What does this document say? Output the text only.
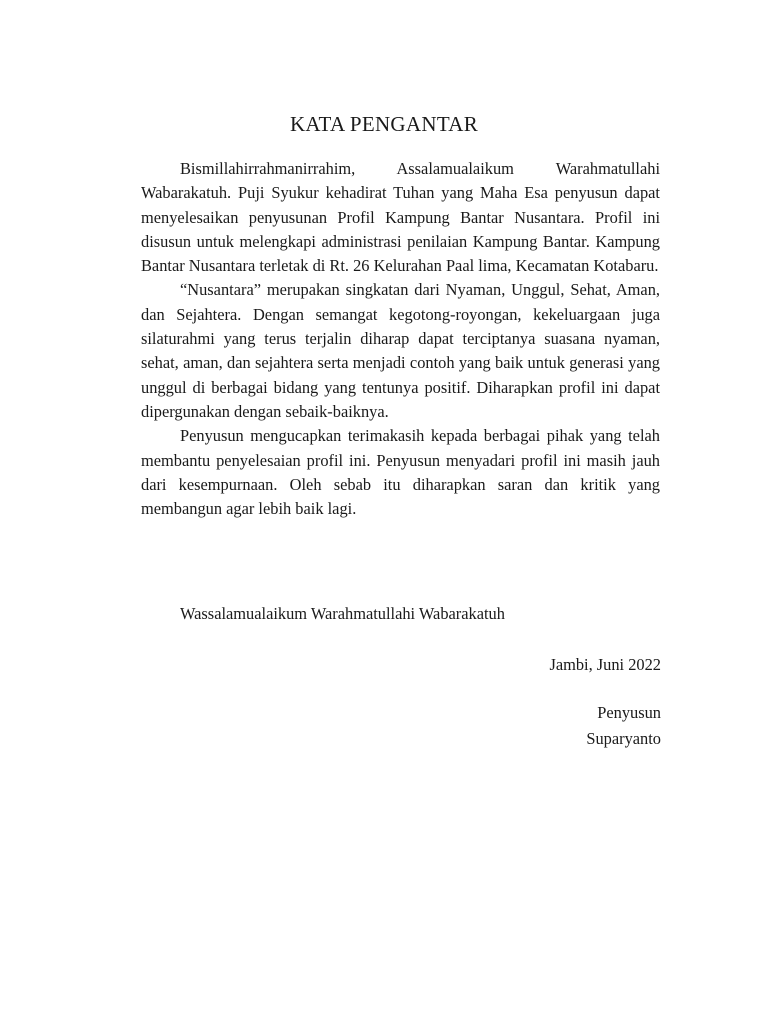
KATA PENGANTAR

Bismillahirrahmanirrahim, Assalamualaikum Warahmatullahi Wabarakatuh. Puji Syukur kehadirat Tuhan yang Maha Esa penyusun dapat menyelesaikan penyusunan Profil Kampung Bantar Nusantara. Profil ini disusun untuk melengkapi administrasi penilaian Kampung Bantar. Kampung Bantar Nusantara terletak di Rt. 26 Kelurahan Paal lima, Kecamatan Kotabaru.

“Nusantara” merupakan singkatan dari Nyaman, Unggul, Sehat, Aman, dan Sejahtera. Dengan semangat kegotong-royongan, kekeluargaan juga silaturahmi yang terus terjalin diharap dapat terciptanya suasana nyaman, sehat, aman, dan sejahtera serta menjadi contoh yang baik untuk generasi yang unggul di berbagai bidang yang tentunya positif. Diharapkan profil ini dapat dipergunakan dengan sebaik-baiknya.

Penyusun mengucapkan terimakasih kepada berbagai pihak yang telah membantu penyelesaian profil ini. Penyusun menyadari profil ini masih jauh dari kesempurnaan. Oleh sebab itu diharapkan saran dan kritik yang membangun agar lebih baik lagi.

Wassalamualaikum Warahmatullahi Wabarakatuh
Jambi, Juni 2022
Penyusun
Suparyanto
